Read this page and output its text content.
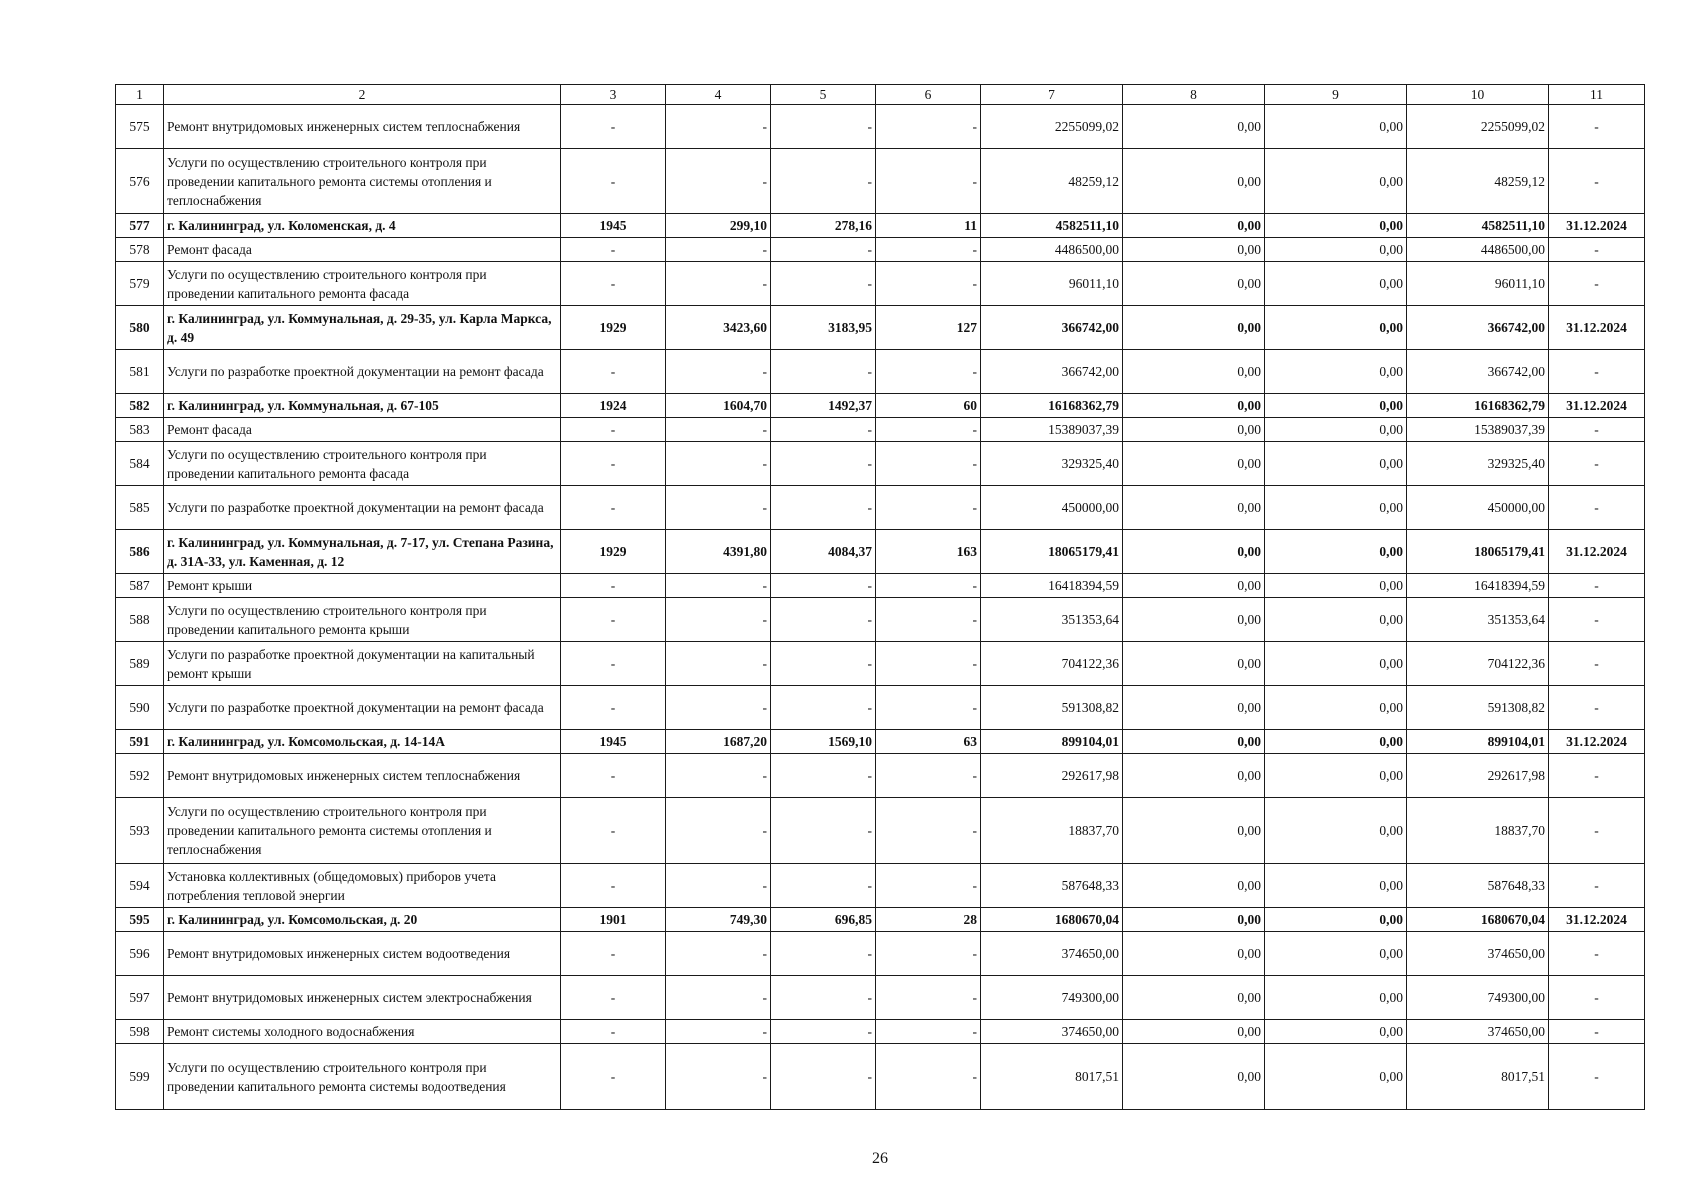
1	2	3	4	5	6	7	8	9	10	11
575	Ремонт внутридомовых инженерных систем теплоснабжения	-	-	-	-	2255099,02	0,00	0,00	2255099,02	-
576	Услуги по осуществлению строительного контроля при проведении капитального ремонта системы отопления и теплоснабжения	-	-	-	-	48259,12	0,00	0,00	48259,12	-
577	г. Калининград, ул. Коломенская, д. 4	1945	299,10	278,16	11	4582511,10	0,00	0,00	4582511,10	31.12.2024
578	Ремонт фасада	-	-	-	-	4486500,00	0,00	0,00	4486500,00	-
579	Услуги по осуществлению строительного контроля при проведении капитального ремонта фасада	-	-	-	-	96011,10	0,00	0,00	96011,10	-
580	г. Калининград, ул. Коммунальная, д. 29-35, ул. Карла Маркса, д. 49	1929	3423,60	3183,95	127	366742,00	0,00	0,00	366742,00	31.12.2024
581	Услуги по разработке проектной документации на ремонт фасада	-	-	-	-	366742,00	0,00	0,00	366742,00	-
582	г. Калининград, ул. Коммунальная, д. 67-105	1924	1604,70	1492,37	60	16168362,79	0,00	0,00	16168362,79	31.12.2024
583	Ремонт фасада	-	-	-	-	15389037,39	0,00	0,00	15389037,39	-
584	Услуги по осуществлению строительного контроля при проведении капитального ремонта фасада	-	-	-	-	329325,40	0,00	0,00	329325,40	-
585	Услуги по разработке проектной документации на ремонт фасада	-	-	-	-	450000,00	0,00	0,00	450000,00	-
586	г. Калининград, ул. Коммунальная, д. 7-17, ул. Степана Разина, д. 31А-33, ул. Каменная, д. 12	1929	4391,80	4084,37	163	18065179,41	0,00	0,00	18065179,41	31.12.2024
587	Ремонт крыши	-	-	-	-	16418394,59	0,00	0,00	16418394,59	-
588	Услуги по осуществлению строительного контроля при проведении капитального ремонта крыши	-	-	-	-	351353,64	0,00	0,00	351353,64	-
589	Услуги по разработке проектной документации на капитальный ремонт крыши	-	-	-	-	704122,36	0,00	0,00	704122,36	-
590	Услуги по разработке проектной документации на ремонт фасада	-	-	-	-	591308,82	0,00	0,00	591308,82	-
591	г. Калининград, ул. Комсомольская, д. 14-14А	1945	1687,20	1569,10	63	899104,01	0,00	0,00	899104,01	31.12.2024
592	Ремонт внутридомовых инженерных систем теплоснабжения	-	-	-	-	292617,98	0,00	0,00	292617,98	-
593	Услуги по осуществлению строительного контроля при проведении капитального ремонта системы отопления и теплоснабжения	-	-	-	-	18837,70	0,00	0,00	18837,70	-
594	Установка коллективных (общедомовых) приборов учета потребления тепловой энергии	-	-	-	-	587648,33	0,00	0,00	587648,33	-
595	г. Калининград, ул. Комсомольская, д. 20	1901	749,30	696,85	28	1680670,04	0,00	0,00	1680670,04	31.12.2024
596	Ремонт внутридомовых инженерных систем водоотведения	-	-	-	-	374650,00	0,00	0,00	374650,00	-
597	Ремонт внутридомовых инженерных систем электроснабжения	-	-	-	-	749300,00	0,00	0,00	749300,00	-
598	Ремонт системы холодного водоснабжения	-	-	-	-	374650,00	0,00	0,00	374650,00	-
599	Услуги по осуществлению строительного контроля при проведении капитального ремонта системы водоотведения	-	-	-	-	8017,51	0,00	0,00	8017,51	-
26
